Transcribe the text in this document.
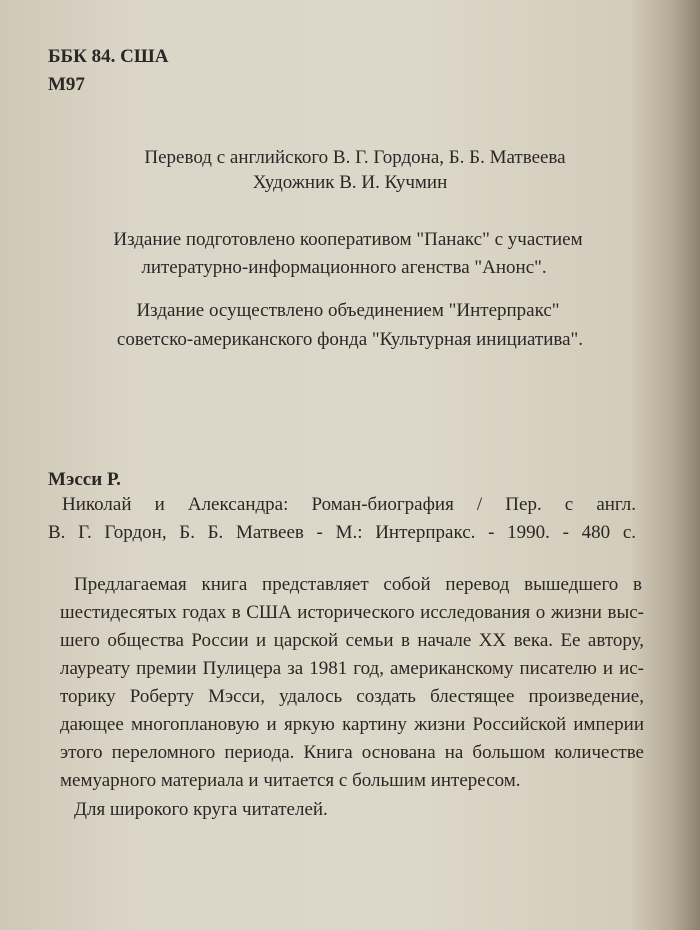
ББК 84. США
М97
Перевод с английского В. Г. Гордона, Б. Б. Матвеева
Художник В. И. Кучмин
Издание подготовлено кооперативом "Панакс" с участием
литературно-информационного агенства "Анонс".
Издание осуществлено объединением "Интерпракс"
советско-американского фонда "Культурная инициатива".
Мэсси Р.
Николай и Александра: Роман-биография / Пер. с англ.
В. Г. Гордон, Б. Б. Матвеев - М.: Интерпракс. - 1990. - 480 с.
Предлагаемая книга представляет собой перевод вышедшего в
шестидесятых годах в США исторического исследования о жизни выс-
шего общества России и царской семьи в начале XX века. Ее автору,
лауреату премии Пулицера за 1981 год, американскому писателю и ис-
торику Роберту Мэсси, удалось создать блестящее произведение,
дающее многоплановую и яркую картину жизни Российской империи
этого переломного периода. Книга основана на большом количестве
мемуарного материала и читается с большим интересом.
Для широкого круга читателей.
